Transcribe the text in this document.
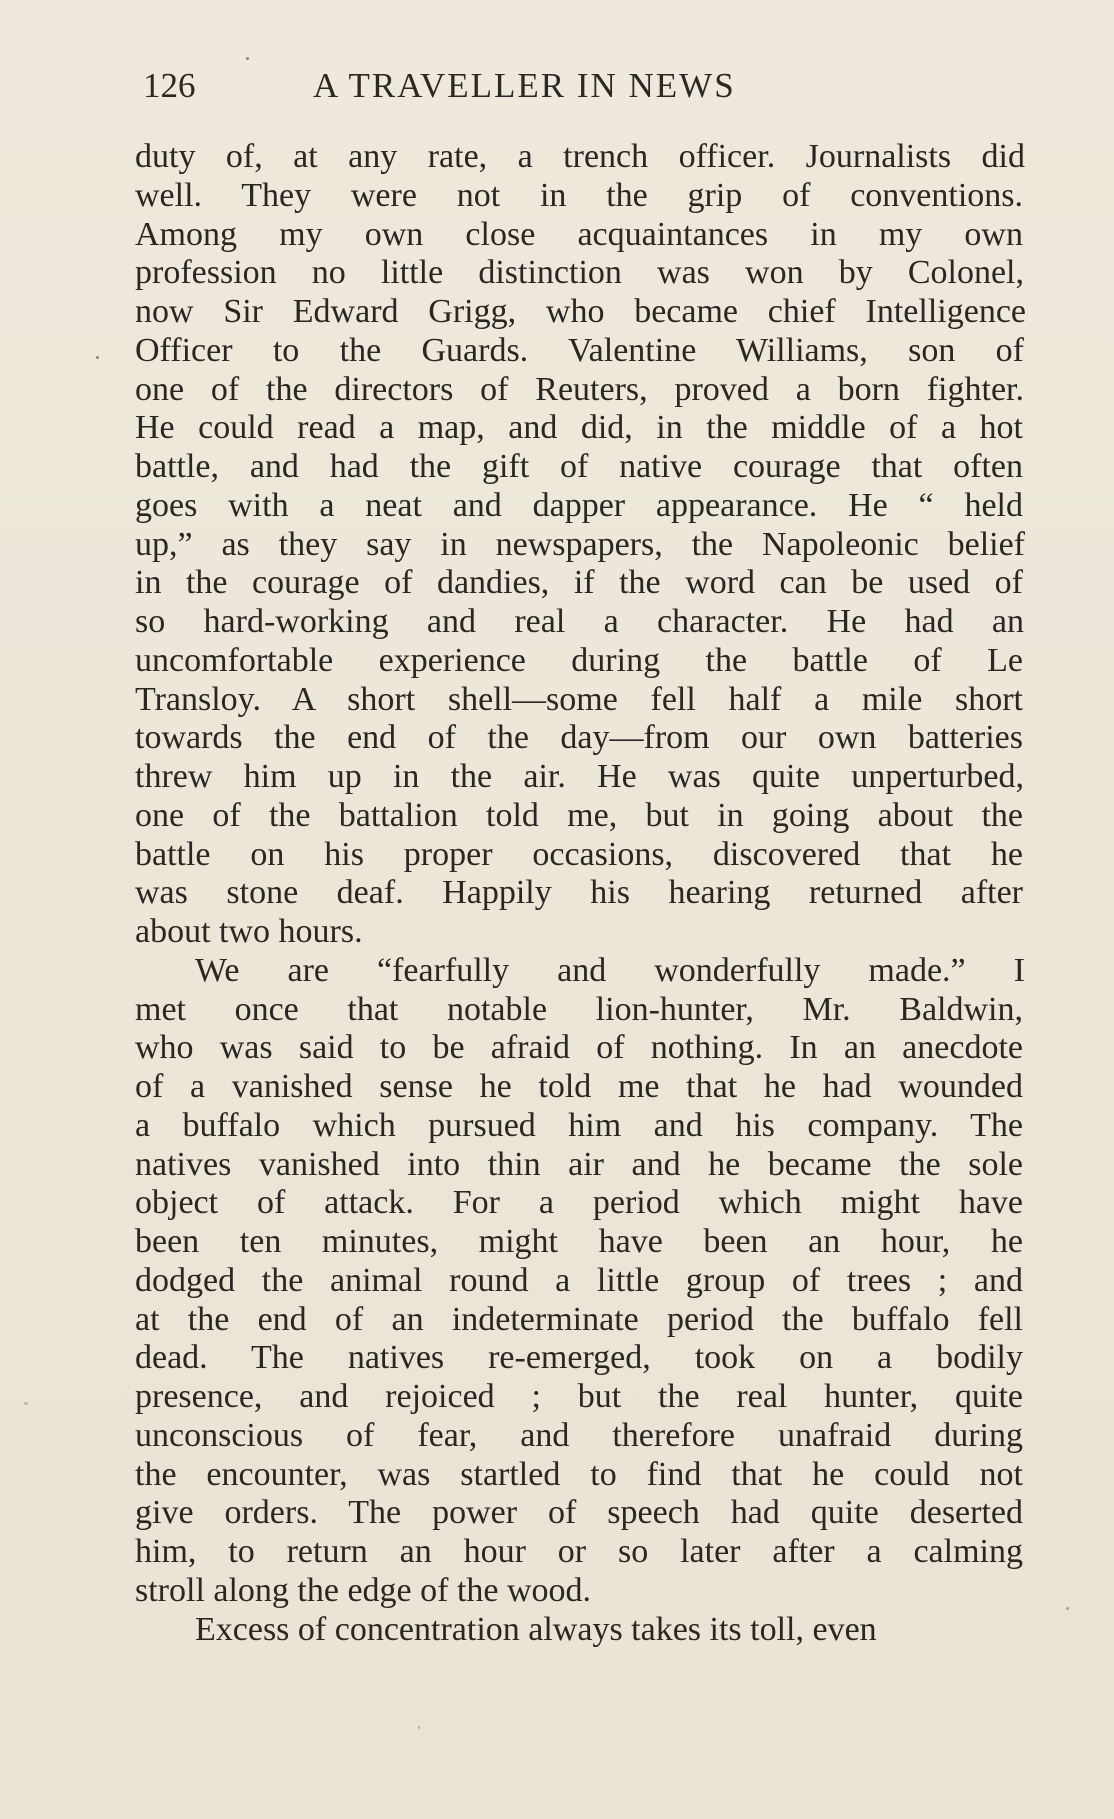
126	A TRAVELLER IN NEWS
duty of, at any rate, a trench officer. Journalists did
well. They were not in the grip of conventions.
Among my own close acquaintances in my own
profession no little distinction was won by Colonel,
now Sir Edward Grigg, who became chief Intelligence
Officer to the Guards. Valentine Williams, son of
one of the directors of Reuters, proved a born fighter.
He could read a map, and did, in the middle of a hot
battle, and had the gift of native courage that often
goes with a neat and dapper appearance. He “ held
up,” as they say in newspapers, the Napoleonic belief
in the courage of dandies, if the word can be used of
so hard-working and real a character. He had an
uncomfortable experience during the battle of Le
Transloy. A short shell—some fell half a mile short
towards the end of the day—from our own batteries
threw him up in the air. He was quite unperturbed,
one of the battalion told me, but in going about the
battle on his proper occasions, discovered that he
was stone deaf. Happily his hearing returned after
about two hours.
We are “fearfully and wonderfully made.” I
met once that notable lion-hunter, Mr. Baldwin,
who was said to be afraid of nothing. In an anecdote
of a vanished sense he told me that he had wounded
a buffalo which pursued him and his company. The
natives vanished into thin air and he became the sole
object of attack. For a period which might have
been ten minutes, might have been an hour, he
dodged the animal round a little group of trees ; and
at the end of an indeterminate period the buffalo fell
dead. The natives re-emerged, took on a bodily
presence, and rejoiced ; but the real hunter, quite
unconscious of fear, and therefore unafraid during
the encounter, was startled to find that he could not
give orders. The power of speech had quite deserted
him, to return an hour or so later after a calming
stroll along the edge of the wood.
Excess of concentration always takes its toll, even
